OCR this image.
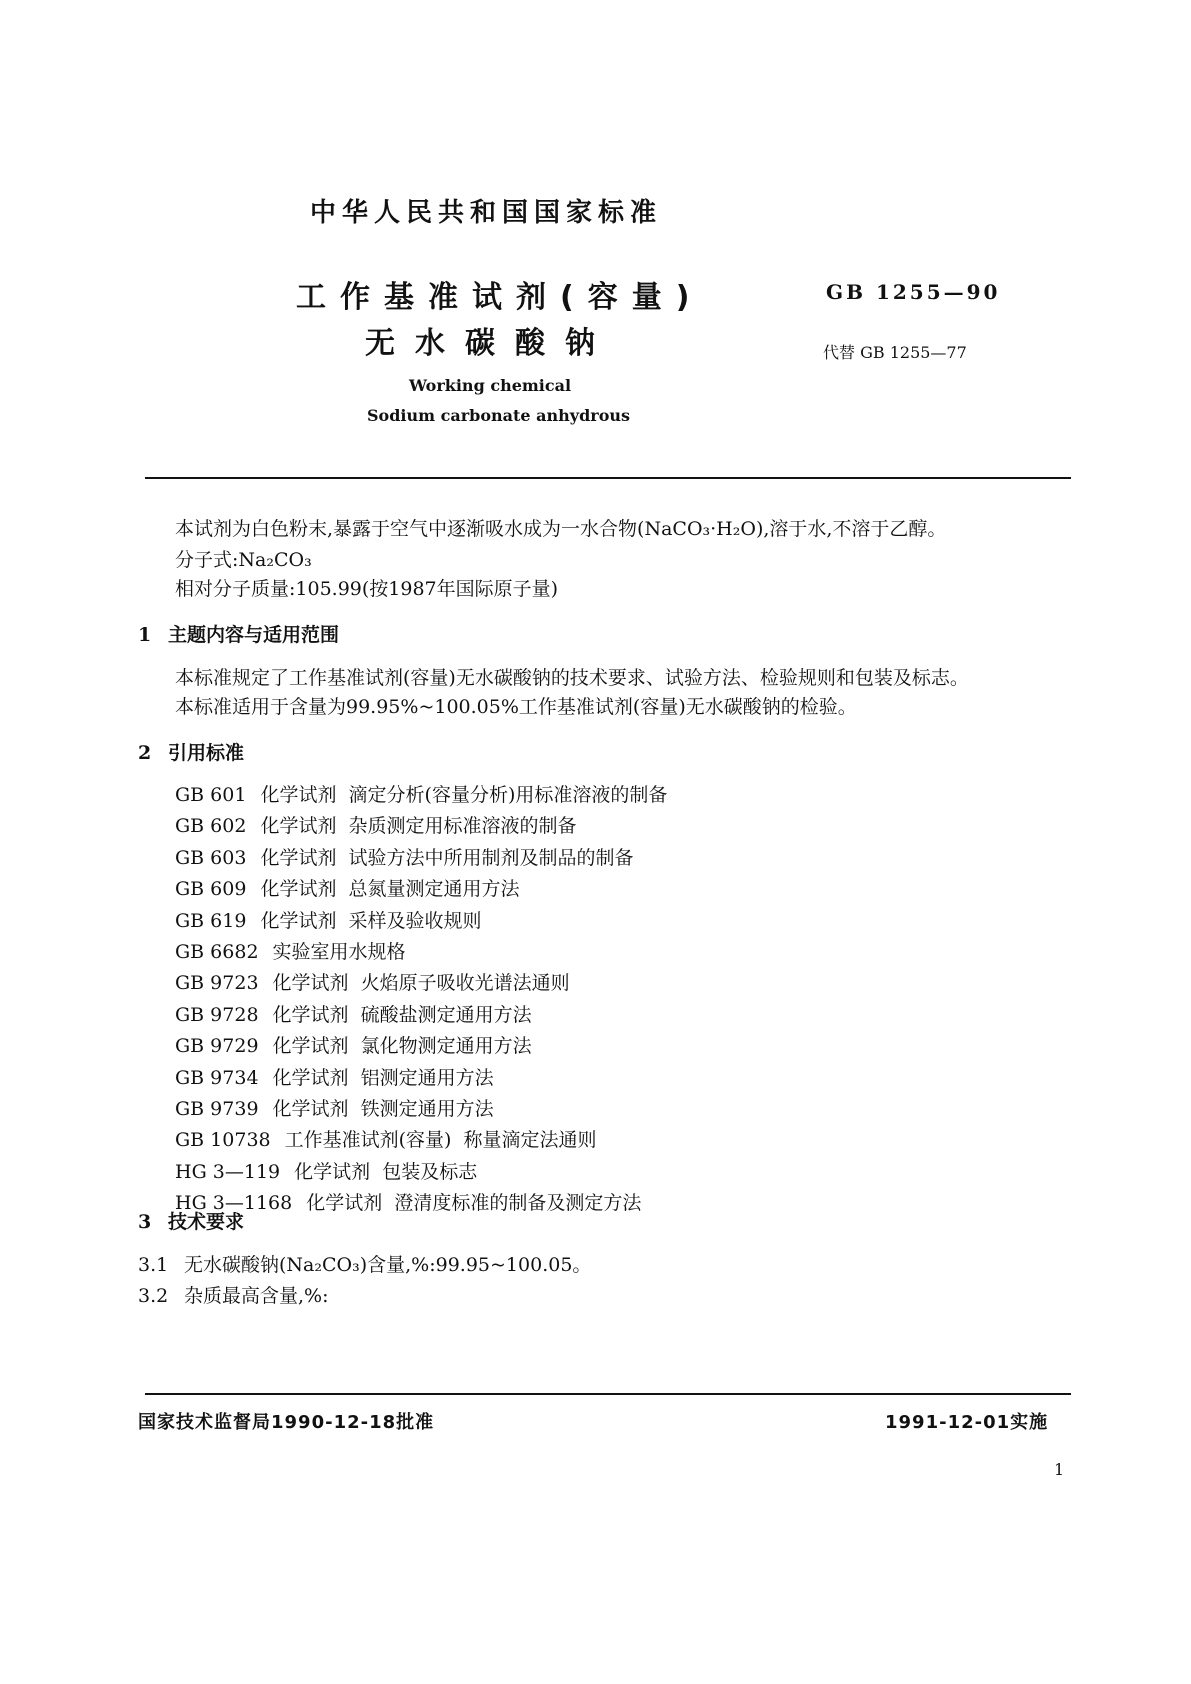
中华人民共和国国家标准
工作基准试剂(容量)
无水碳酸钠
GB 1255—90
代替 GB 1255—77
Working chemical
Sodium carbonate anhydrous
本试剂为白色粉末,暴露于空气中逐渐吸水成为一水合物(NaCO₃·H₂O),溶于水,不溶于乙醇。
分子式:Na₂CO₃
相对分子质量:105.99(按1987年国际原子量)
1 主题内容与适用范围
本标准规定了工作基准试剂(容量)无水碳酸钠的技术要求、试验方法、检验规则和包装及标志。
本标准适用于含量为99.95%~100.05%工作基准试剂(容量)无水碳酸钠的检验。
2 引用标准
GB 601 化学试剂  滴定分析(容量分析)用标准溶液的制备
GB 602 化学试剂  杂质测定用标准溶液的制备
GB 603 化学试剂  试验方法中所用制剂及制品的制备
GB 609 化学试剂  总氮量测定通用方法
GB 619 化学试剂  采样及验收规则
GB 6682 实验室用水规格
GB 9723 化学试剂  火焰原子吸收光谱法通则
GB 9728 化学试剂  硫酸盐测定通用方法
GB 9729 化学试剂  氯化物测定通用方法
GB 9734 化学试剂  铝测定通用方法
GB 9739 化学试剂  铁测定通用方法
GB 10738 工作基准试剂(容量)  称量滴定法通则
HG 3—119 化学试剂  包装及标志
HG 3—1168 化学试剂  澄清度标准的制备及测定方法
3 技术要求
3.1 无水碳酸钠(Na₂CO₃)含量,%:99.95~100.05。
3.2 杂质最高含量,%:
国家技术监督局1990-12-18批准	1991-12-01实施
1
